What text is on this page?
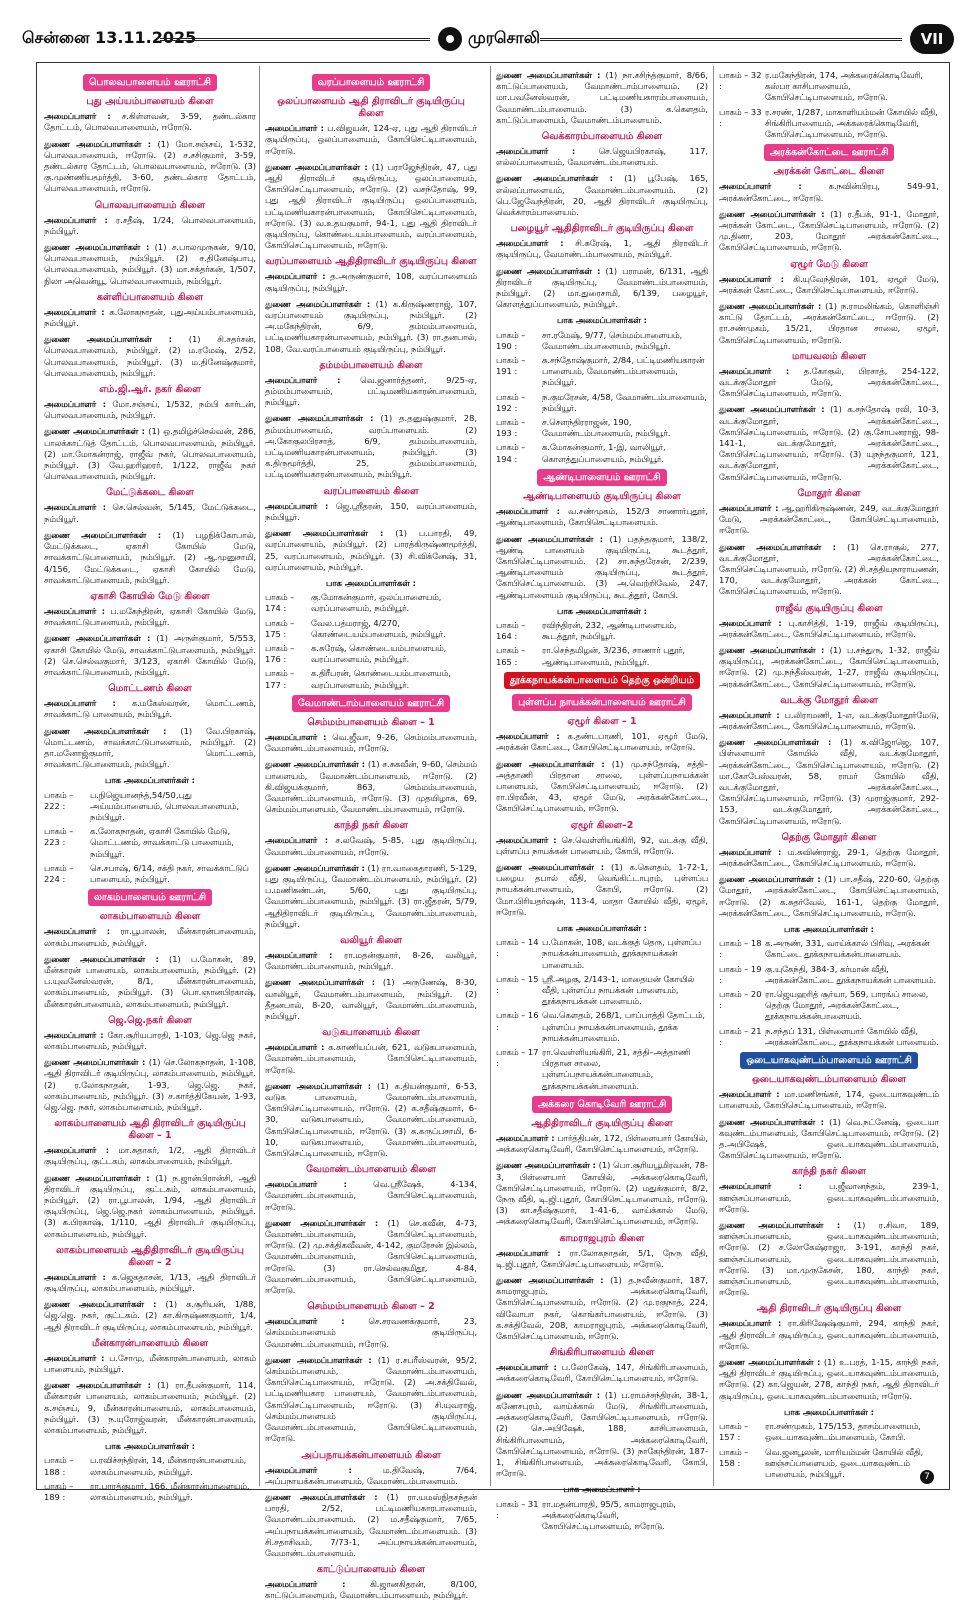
சென்னை 13.11.2025	முரசொலி	VII
பொலவபாளையம் ஊராட்சி
புது அய்யம்பாளையம் கிளை

அமைப்பாளர் : ச.கிள்ளவன், 3-59, தண்டல்கார தோட்டம், பொலவபாளையம், ஈரோடு.

துணை அமைப்பாளர்கள் : (1) மோ.சஞ்சய், 1-532, பொலவபாளையம், ஈரோடு. (2) ச.சசிகுமார், 3-59, தண்டல்கார தோட்டம், பொலவபாளையம், ஈரோடு. (3) கு.முண்ணியமூர்த்தி, 3-60, தண்டல்கார தோட்டம், பொலவபாளையம், ஈரோடு.

பொலவபாளையம் கிளை

அமைப்பாளர் : ர.சதீஷ், 1/24, பொலவபாளையம், நம்பியூர்.

துணை அமைப்பாளர்கள் : (1) ச.பாலமுருகன், 9/10, பொலவபாளையம், நம்பியூர். (2) ச.தினேஷ்பாபு, பொலவபாளையம், நம்பியூர். (3) மா.சக்தர்கன், 1/507, நிலா அவென்யூ, பொலவபாளையம், நம்பியூர்.

கள்ளிப்பாளையம் கிளை

அமைப்பாளர் : க.லோகநாதன், புதுஅய்யம்பாளையம், நம்பியூர்.

துணை அமைப்பாளர்கள் : (1) சி.சதர்சன், பொலவபாளையம், நம்பியூர். (2) ம.ரமேஷ், 2/52, பொலவபாளையம், நம்பியூர். (3) ம.தினேஷ்குமார், பொலவபாளையம், நம்பியூர்.

எம்.ஜி.ஆர். நகர் கிளை

அமைப்பாளர் : மோ.சஞ்சய், 1/532, நம்பி கார்டன், பொலவபாளையம், நம்பியூர்.

துணை அமைப்பாளர்கள் : (1) ஒ.தமிழ்ச்செல்வன், 286, பாலக்காட்டுத் தோட்டம், பொலவபாளையம், நம்பியூர். (2) மா.மோகன்ராஜ், ராஜீவ் நகர், பொலவபாளையம், நம்பியூர். (3) வே.ஹரிஹரர், 1/122, ராஜீவ் நகர் பொலவபாளையம், நம்பியூர்.

மேட்டுக்கடை கிளை

அமைப்பாளர் : செ.செல்வன், 5/145, மேட்டுக்கடை, நம்பியூர்.

துணை அமைப்பாளர்கள் : (1) பழநிக்கோபால், மேட்டுக்கடை, ஏகாசி கோயில் மேடு, சாவக்காட்டுபாளையம், நம்பியூர். (2) ஆ.முனுசாமி, 4/156, மேட்டுக்கடை, ஏகாசி கோயில் மேடு, சாவக்காட்டுபாளையம், நம்பியூர்.

ஏகாசி கோயில் மேடு கிளை

அமைப்பாளர் : ப.மகேந்திரன், ஏகாசி கோயில் மேடு, சாவக்காட்டுபாளையம், நம்பியூர்.

துணை அமைப்பாளர்கள் : (1) அருள்குமார், 5/553, ஏகாசி கோயில் மேடு, சாவக்காட்டுபாளையம், நம்பியூர். (2) செ.செல்வகுமார், 3/123, ஏகாசி கோயில் மேடு, சாவக்காட்டுபாளையம், நம்பியூர்.

மொட்டணம் கிளை

அமைப்பாளர் : க.மகேஸ்வரன், மொட்டணம், சாவக்காட்டு பாளையம், நம்பியூர்.

துணை அமைப்பாளர்கள் : (1) வே.பிரகாஷ், மொட்டணம், சாவக்காட்டுபாளையம், நம்பியூர். (2) தா.மனோஜ்குமார், மொட்டணம், சாவக்காட்டுபாளையம், நம்பியூர்.

பாக அமைப்பாளர்கள் :
பாகம் – 222 :
ப.நிஜெயானந்த்,54/50,புது அய்யம்பாளையம், பொலவபாளையம், நம்பியூர்.
பாகம் – 223 :
க.லோகநாதன், ஏகாசி கோயில் மேடு, மொட்டணம், சாவக்காட்டு பாளையம், நம்பியூர்.
பாகம் – 224 :
செ.சபாஷ், 6/14, சக்தி நகர், சாவக்காட்டுப் பாளையம், நம்பியூர்.
லாகம்பாளையம் ஊராட்சி
லாகம்பாளையம் கிளை

அமைப்பாளர் : ரா.பூபாலன், மீன்காரன்பாளையம், லாகம்பாளையம், நம்பியூர்.

துணை அமைப்பாளர்கள் : (1) ப.மோகன், 89, மீன்காரன் பாளையம், லாகம்பாளையம், நம்பியூர். (2) ப.யுவனேஸ்வரன், 8/1, மீன்காரன்பாளையம், லாகம்பாளையம், நம்பியூர். (3) பொ.ஞானபிரகாஷ், மீன்காரன்பாளையம், லாகம்பாளையம், நம்பியூர்.

ஜெ.ஜெ.நகர் கிளை

அமைப்பாளர் : கோ.சூரியபாரதி, 1-103, ஜெ.ஜெ நகர், லாகம்பாளையம், நம்பியூர்.

துணை அமைப்பாளர்கள் : (1) செ.லோகநாதன், 1-108, ஆதி திராவிடர் குடியிருப்பு, லாகம்பாளையம், நம்பியூர். (2) ர.லோகநாதன், 1-93, ஜெ.ஜெ. நகர், லாகம்பாளையம், நம்பியூர். (3) ச.கார்த்திகேயன், 1-93, ஜெ.ஜெ. நகர், லாகம்பாளையம், நம்பியூர்.

லாகம்பாளையம் ஆதி திராவிடர் குடியிருப்பு கிளை – 1

அமைப்பாளர் : மா.சுதாகர், 1/2, ஆதி திராவிடர் குடியிருப்பு, குட்டகம், லாகம்பாளையம், நம்பியூர்.

துணை அமைப்பாளர்கள் : (1) ந.ஜான்பிரான்சி, ஆதி திராவிடர் குடியிருப்பு, குட்டகம், லாகம்பாளையம், நம்பியூர். (2) ரா.பூபாலன், 1/94, ஆதி திராவிடர் குடியிருப்பு, ஜெ.ஜெ.நகர் லாகம்பாளையம், நம்பியூர். (3) க.பிரகாஷ், 1/110, ஆதி திராவிடர் குடியிருப்பு, லாகம்பாளையம், நம்பியூர்.

லாகம்பாளையம் ஆதிதிராவிடர் குடியிருப்பு கிளை – 2

அமைப்பாளர் : க.ஜெகதாசன், 1/13, ஆதி திராவிடர் குடியிருப்பு, லாகம்பாளையம், நம்பியூர்.

துணை அமைப்பாளர்கள் : (1) க.சூரியன், 1/88, ஜெ.ஜெ. நகர், குட்டகம். (2) கா.கிருஷ்ணகுமார், 1/4, ஆதி திராவிடர் குடியிருப்பு, லாகம்பாளையம், நம்பியூர்.

மீன்காரன்பாளையம் கிளை

அமைப்பாளர் : ப.சோமு, மீன்காரன்பாளையம், லாகம் பாளையம், நம்பியூர்.

துணை அமைப்பாளர்கள் : (1) ரா.தீபன்குமார், 114, மீன்காரன் பாளையம், லாகம்பாளையம், நம்பியூர். (2) க.சஞ்சய், 9, மீன்காரன்பாளையம், லாகம்பாளையம், நம்பியூர். (3) ந.யுரோஜ்வரன், மீன்காரன்பாளையம், லாகம்பாளையம், நம்பியூர்.

பாக அமைப்பாளர்கள் :
பாகம் – 188 :
ப.ரவிச்சந்திரன், 14, மீன்காரன்பாளையம், லாகம்பாளையம், நம்பியூர்.
பாகம் – 189 :
ரா.பாரத்குமார், 166, மீன்காரன்பாளையம், லாகம்பாளையம், நம்பியூர்.
வரப்பாளையம் ஊராட்சி
ஒலப்பாளையம் ஆதி திராவிடர் குடியிருப்பு கிளை

அமைப்பாளர் : ப.விஜயன், 124-ஏ, புது ஆதி திராவிடர் குடியிருப்பு, ஒலப்பாளையம், கோபிசெட்டிபாளையம், ஈரோடு.

துணை அமைப்பாளர்கள் : (1) பராஜேந்திரன், 47, புது ஆதி திராவிடர் குடியிருப்பு, ஒலப்பாளையம், கோபிசெட்டிபாளையம், ஈரோடு. (2) வசந்தோஷ், 99, புது ஆதி திராவிடர் குடியிருப்பு ஒலப்பாளையம், பட்டிமணியகாரன்பாளையம், கோபிசெட்டிபாளையம், ஈரோடு. (3) வ.உதயகுமார், 94-1, புது ஆதி திராவிடர் குடியிருப்பு, கொண்டையம்பாளையம், வரப்பாளையம், கோபிசெட்டிபாளையம், ஈரோடு.

வரப்பாளையம் ஆதிதிராவிடர் குடியிருப்பு கிளை

அமைப்பாளர் : த.அருண்குமார், 108, வரப்பாளையம் குடியிருப்பு, நம்பியூர்.

துணை அமைப்பாளர்கள் : (1) க.கிருஷ்ணராஜ், 107, வரப்பாளையம் குடியிருப்பு, நம்பியூர். (2) அ.மகேந்திரன், 6/9, தம்மம்பாளையம், பட்டிமணியகாரன்பாளையம், நம்பியூர். (3) ரா.தனபால், 108, வே.வரப்பாளையம் குடியிருப்பு, நம்பியூர்.

தம்மம்பாளையம் கிளை

அமைப்பாளர் : வெ.ஜனார்த்தனர், 9/25-ஏ, தம்மம்பாளையம், பட்டிமணியகாரன்பாளையம், நம்பியூர்.

துணை அமைப்பாளர்கள் : (1) த.தனுஷ்குமார், 28, தம்மம்பாளையம், வரப்பாளையம். (2) அ.கோகுலபிரசாத், 6/9, தம்மம்பாளையம், பட்டிமணியகாரன்பாளையம், நம்பியூர். (3) க.திருமூர்த்தி, 25, தம்மம்பாளையம், பட்டிமணியகாரன்பாளையம், நம்பியூர்.

வரப்பாளையம் கிளை

அமைப்பாளர் : ஜெ.ஸ்ரீதரன், 150, வரப்பாளையம், நம்பியூர்.

துணை அமைப்பாளர்கள் : (1) ப.பாரதி, 49, வரப்பாளையம், நம்பியூர். (2) பாரத்கிருஷ்ணமூர்த்தி, 25, வரப்பாளையம், நம்பியூர். (3) சி.விக்னேஷ், 31, வரப்பாளையம், நம்பியூர்.

பாக அமைப்பாளர்கள் :
பாகம் – 174 :
கு.மோகன்குமார், ஒலப்பாளையம், வரப்பாளையம், நம்பியூர்.
பாகம் – 175 :
வேல.பத்மராஜ், 4/270, கொண்டையம்பாளையம், நம்பியூர்.
பாகம் – 176 :
க.சுரேஷ், கொண்டையம்பாளையம், வரப்பாளையம், நம்பியூர்.
பாகம் – 177 :
க.திரீபரன், கொண்டையம்பாளையம், வரப்பாளையம், நம்பியூர்.
வேமாண்டாம்பாளையம் ஊராட்சி
செம்மம்பாளையம் கிளை – 1

அமைப்பாளர் : வெ.ஜீவா, 9-26, செம்மம்பாளையம், வேமாண்டம்பாளையம், ஈரோடு.

துணை அமைப்பாளர்கள் : (1) ச.சுகவீன், 9-60, செம்மம் பாளையம், வேமாண்டம்பாளையம், ஈரோடு. (2) கி.விஜயக்குமார், 863, செம்மம்பாளையம், வேமாண்டம்பாளையம், ஈரோடு. (3) முதயிழாக, 69, செம்மம்பாளையம், வேமாண்டம்பாளையம், ஈரோடு.

காந்தி நகர் கிளை

அமைப்பாளர் : ச.லவேஷ், 5-85, புது குடியிருப்பு, வேமாண்டம்பாளையம், ஈரோடு.

துணை அமைப்பாளர்கள் : (1) ரா.வாகைதாரணி, 5-129, புது குடியிருப்பு, வேமாண்டம்பாளையம், நம்பியூர். (2) ப.மணிகண்டன், 5/60, புது குடியிருப்பு, வேமாண்டம்பாளையம், நம்பியூர். (3) ரா.ஜீதரன், 5/79, ஆதிதிராவிடர் குடியிருப்பு, வேமாண்டம்பாளையம், நம்பியூர்.

வலியூர் கிளை

அமைப்பாளர் : ரா.மதன்குமார், 8-26, வலியூர், வேமாண்டம்பாளையம், நம்பியூர்.

துணை அமைப்பாளர்கள் : (1) அருணேஷ், 8-30, வாலியூர், வேமாண்டம்பாளையம், நம்பியூர். (2) தீதனபால், 8-20, வாலியூர், வேமாண்டம்பாளையம், நம்பியூர்.

வடுகபாளையம் கிளை

அமைப்பாளர் : க.காணியப்பன், 621, வடுகபாளையம், வேமாண்டம்பாளையம், கோபிசெட்டிபாளையம், ஈரோடு.

துணை அமைப்பாளர்கள் : (1) க.தியன்குமார், 6-53, வடுக பாளையம், வேமாண்டம்பாளையம், கோபிசெட்டிபாளையம், ஈரோடு. (2) க.சதீஷ்குமார், 6-30, வடுகபாளையம், வேமாண்டம்பாளையம், கோபிசெட்டிபாளையம், ஈரோடு. (3) க.கருப்பசாமி, 6-10, வடுகபாளையம், வேமாண்டம்பாளையம், கோபிசெட்டிபாளையம், ஈரோடு.

வேமாண்டம்பாளையம் கிளை

அமைப்பாளர் :	வெ.ஸ்ரீஷேக், 4-134, வேமாண்டம்பாளையம், கோபிசெட்டிபாளையம், ஈரோடு.

துணை அமைப்பாளர்கள் : (1) செ.கவீன், 4-73, வேமாண்டம்பாளையம், கோபிசெட்டிபாளையம், ஈரோடு. (2) மு.சக்திகவீவன், 4-142, குமரேசன் இல்லம், வேமாண்டம்பாளையம், கோபிசெட்டிபாளையம், ஈரோடு. (3) ரா.செல்வகுமிதூ, 4-84, வேமாண்டம்பாளையம், கோபிசெட்டிபாளையம், ஈரோடு.

செம்மம்பாளையம் கிளை – 2

அமைப்பாளர் :	செ.சரவணக்குமார், 23, செம்மம்பாளையம் குடியிருப்பு, வேமாண்டம்பாளையம், ஈரோடு.

துணை அமைப்பாளர்கள் : (1) ர.சபரீஸ்வரன், 95/2, செம்மம்பாளையம், வேமாண்டம்பாளையம், கோபிசெட்டிபாளையம், ஈரோடு. (2) அ.சக்திவேல், பட்டிமணியகார பாளையம், வேமாண்டம்பாளையம், கோபிசெட்டிபாளையம், ஈரோடு. (3) சி.யுவராஜ், செம்மம்பாளையம் குடியிருப்பு, வேமாண்டம்பாளையம், கோபிசெட்டிபாளையம், ஈரோடு.

அப்பநாயக்கன்பாளையம் கிளை

அமைப்பாளர் :	ம.திவேஷ், 7/64, அப்பநாயக்கன்பாளையம், வேமாண்டம்பாளையம்.

துணை அமைப்பாளர்கள் : (1) ரா.யமஸ்நிதசந்தன் பாரதி, 2/52, பட்டிமணியகாரபாளையம், வேமாண்டம்பாளையம். (2) ம.சதீஷ்குமார், 7/65, அப்பநாயக்கன்பாளையம், வேமாண்டம்பாளையம். (3) சி.சதாசிவம், 7/73-1, அப்பநாயக்கன்பாளையம், வேமாண்டம்பாளையம்.

காட்டுப்பாளையம் கிளை

அமைப்பாளர் :	கி.ஜானகிதரன், 8/100, காட்டுப்பாளையம், வேமாண்டம்பாளையம், நம்பியூர்.

துணை அமைப்பாளர்கள் : (1) நா.சசிந்த்குமார், 8/66, காட்டுப்பாளையம், வேமாண்டாம்பாளையம். (2) மா.பவனேஸ்வரன், பட்டிமணியகாரம்பாளையம், வேமாண்டம்பாளையம். (3) க.கௌதம், காட்டுப்பாளையம், வேமாண்டம்பாளையம்.

வெக்காரம்பாளையம் கிளை

அமைப்பாளர் :	செ.ஜெயபிரகாஷ், 117, எல்லப்பாளையம், வேமாண்டம்பாளையம்.

துணை அமைப்பாளர்கள் : (1) பூபேஷ், 165, எல்லப்பாளையம், வேமாண்டம்பாளையம். (2) பெ.ஜேவேந்திரன், 20, ஆதி திராவிடர் குடியிருப்பு, வெக்காரம்பாளையம்.

பழையூர் ஆதிதிராவிடர் குடியிருப்பு கிளை

அமைப்பாளர் : சி.சுரேஷ், 1, ஆதி திராவிடர் குடியிருப்பு, வேமாண்டம்பாளையம், நம்பியூர்.

துணை அமைப்பாளர்கள் : (1) பராமன், 6/131, ஆதி திராவிடர் குடியிருப்பு, வேமாண்டம்பாளையம், நம்பியூர். (2) மா.துரைசாமி, 6/139, பழையூர், கொளத்துப்பாளையம், நம்பியூர்.

பாக அமைப்பாளர்கள் :
பாகம் – 190 :
சா.ரமேஷ், 9/77, செம்மம்பாளையம், வேமாண்டம்பாளையம், நம்பியூர்.
பாகம் – 191 :
சு.சந்தோஷ்குமார், 2/84, பட்டிமணியகாரன் பாளையம், வேமாண்டம்பாளையம், நம்பியூர்.
பாகம் – 192 :
ந.குமரேசன், 4/58, வேமாண்டம்பாளையம், நம்பியூர்.
பாகம் – 193 :
ச.சௌந்திரராஜன், 190, வேமாண்டம்பாளையம், நம்பியூர்.
பாகம் – 194 :
க.மோகன்குமார், 1-இ, வாலியூர், கொளத்துப்பாளையம், நம்பியூர்.
ஆண்டிபாளையம் ஊராட்சி
ஆண்டிபாளையம் குடியிருப்பு கிளை

அமைப்பாளர் : வ.சண்முகம், 152/3 சாணார்புதூர், ஆண்டிபாளையம், கோபிசெட்டிபாளையம்.

துணை அமைப்பாளர்கள் : (1) பதந்தகுமார், 138/2, ஆண்டி பாளையம் குடியிருப்பு, கூடத்தூர், கோபிசெட்டிபாளையம். (2) சா.சுந்தரேசன், 2/239, ஆண்டிபாளையம் குடியிருப்பு, கூடத்தூர், கோபிசெட்டிபாளையம். (3) அ.வெற்றிவேல், 247, ஆண்டிபாளையம் குடியிருப்பு, கூடத்தூர், கோபி.

பாக அமைப்பாளர்கள் :
பாகம் – 164 :
ரவிந்திரன், 232, ஆண்டிபாளையம், கூடத்தூர், நம்பியூர்.
பாகம் – 165 :
ரா.செந்தமிழன், 3/236, சாணார் புதூர், ஆண்டிபாளையம், நம்பியூர்.
தூக்கநாயக்கன்பாளையம் தெற்கு ஒன்றியம்
புள்ளப்ப நாயக்கன்பாளையம் ஊராட்சி
ஏழூர் கிளை – 1

அமைப்பாளர் : க.தண்டபாணி, 101, ஏழூர் மேடு, அரக்கன் கோட்டை, கோபிசெட்டிபாளையம், ஈரோடு.

துணை அமைப்பாளர்கள் : (1) மு.சந்தோஷ், சத்தி–அத்தாணி பிரதான சாலை, புள்ளப்பநாயக்கன் பாளையம், கோபிசெட்டிபாளையம், ஈரோடு. (2) ரா.பிரவீன், 43, ஏழூர் மேடு, அரக்கன்கோட்டை, கோபிசெட்டிபாளையம், ஈரோடு.

ஏழூர் கிளை–2

அமைப்பாளர் : செ.வெள்ளியங்கிரி, 92, வடக்கு வீதி, புள்ளப்ப நாயக்கன் பாளையம், கோபி, ஈரோடு.

துணை அமைப்பாளர்கள் : (1) க.கௌதம், 1-72-1, பழைய தபால் வீதி, வெங்கிட்டாபுரம், புள்ளப்ப நாயக்கன்பாளையம், கோபி, ஈரோடு. (2) மோ.பிரியதர்ஷன், 113-4, மாதா கோயில் வீதி, ஏழூர், ஈரோடு.

பாக அமைப்பாளர்கள் :
பாகம் – 14 :
ப.மோகன், 108, வடக்குத் தெரு, புள்ளப்ப நாயக்கன்பாளையம், தூக்கநாயக்கன் பாளையம்.
பாகம் – 15 :
ஸ்ரீ.அழகு, 2/143-1, மாதையன் கோயில் வீதி, புள்ளப்ப நாயக்கன் பாளையம், தூக்கநாயக்கன் பாளையம்.
பாகம் – 16 :
வெ.கௌதம், 268/1, பாப்பாத்தி தோட்டம், புள்ளப்ப நாயக்கன்பாளையம், தூக்க நாயக்கன்பாளையம்.
பாகம் – 17 :
ரா.வெள்ளியங்கிரி, 21, சத்தி–அத்தாணி பிரதான சாலை, புள்ளப்பநாயக்கன்பாளையம், தூக்கநாயக்கன்பாளையம்.
அக்கரை கொடிவேரி ஊராட்சி
ஆதிதிராவிடர் குடியிருப்பு கிளை

அமைப்பாளர் : பார்த்திபன், 172, பிள்ளையார் கோயில், அக்கரைகொடிவேரி, கோபிசெட்டிபாளையம், ஈரோடு.

துணை அமைப்பாளர்கள் : (1) பொ.சூரியபூமிரவன், 78-3, பிள்ளையார் கோயில், அக்கரைகொடிவேரி, கோபிசெட்டிபாளையம், ஈரோடு. (2) மதுக்குமார், 8/2, நேரு வீதி, டி.ஜி.புதூர், கோபிசெட்டிபாளையம், ஈரோடு. (3) கா.சதீஷ்குமார், 1-41-6, வாய்க்கால் மேடு, அக்கரைகொடிவேரி, கோபிசெட்டிபாளையம், ஈரோடு.

காமராஜபுரம் கிளை

அமைப்பாளர் : ரா.லோகநாதன், 5/1, நேரு வீதி, டி.ஜி.புதூர், கோபிசெட்டிபாளையம், ஈரோடு.

துணை அமைப்பாளர்கள் : (1) த.நவீன்குமார், 187, காமராஜபுரம், அக்கரைகொடிவேரி, கோபிசெட்டிபாளையம், ஈரோடு. (2) மு.ரகுநாத், 224, விவோபா நகர், கொங்கர்பாளையம், ஈரோடு. (3) க.சக்திவேல், 208, காமராஜபுரம், அக்கரைகொடிவேரி, கோபிசெட்டிபாளையம், ஈரோடு.

சிங்கிரிபாளையம் கிளை

அமைப்பாளர் : ப.லோகேஷ், 147, சிங்கிரிபாளையம், அக்கரைகொடிவேரி, கோபிசெட்டிபாளையம், ஈரோடு.

துணை அமைப்பாளர்கள் : (1) ப.ராமச்சந்திரன், 38-1, கணேசபுரம், வாய்க்கால் மேடு, சிங்கிரிபாளையம், அக்கரைகொடிவேரி, கோபிசெட்டிபாளையம், ஈரோடு. (2) செ.அபிஷேக், 188, காசிபாளையம், சிங்கிரிபாளையம், அக்கரைகொடிவேரி, கோபிசெட்டிபாளையம், ஈரோடு. (3) நாகேந்திரன், 187-1, சிங்கிரிபாளையம், அக்கரைகொடிவேரி, கோபி, ஈரோடு.

பாக அமைப்பாளர் :
பாகம் – 31 :
ரா.மதன்பாரதி, 95/5, காமராஜபுரம், அக்கரைகொடிவேரி, கோபிசெட்டிபாளையம், ஈரோடு.
பாகம் – 32 :
ர.மகேந்திரன், 174, அக்கரைக்கொடிவேரி, கஸ்பா காசிபாளையம், கோபிசெட்டிபாளையம், ஈரோடு.
பாகம் – 33 :
ர.சரண், 1/287, மாகாளியம்மன் கோயில் வீதி, சிங்கிரிபாளையம், அக்கரைக்கொடிவேரி, கோபிசெட்டிபாளையம், ஈரோடு.
அரக்கன்கோட்டை ஊராட்சி
அரக்கன் கோட்டை கிளை

அமைப்பாளர் :	க.நவின்பிரபு, 549-91, அரக்கன்கோட்டை, ஈரோடு.

துணை அமைப்பாளர்கள் : (1) ர.தீபக், 91-1, மோதூர், அரக்கன் கோட்டை, கோபிசெட்டிபாளையம், ஈரோடு. (2) மு.தினா, 203, மோதூர் அரக்கன்கோட்டை, கோபிசெட்டிபாளையம், ஈரோடு.

ஏழூர் மேடு கிளை

அமைப்பாளர் : கி.யுவேந்திரன், 101, ஏழூர் மேடு, அரக்கன் கோட்டை, கோபிசெட்டிபாளையம், ஈரோடு.

துணை அமைப்பாளர்கள் : (1) ந.ராமலிங்கம், கொளிஞ்சி காட்டு தோட்டம், அரக்கன்கோட்டை, ஈரோடு. (2) ரா.சண்முகம், 15/21, பிரதான சாலை, ஏழூர், கோபிசெட்டிபாளையம், ஈரோடு.

மாயவலம் கிளை

அமைப்பாளர் : த.கோகுல், பிரசாத், 254-122, வடக்குமோதூர் மேடு, அரக்கன்கோட்டை, கோபிசெட்டிபாளையம், ஈரோடு.

துணை அமைப்பாளர்கள் : (1) க.சந்தோஷ் ரவி, 10-3, வடக்குமோதூர், அரக்கன்கோட்டை, கோபிசெட்டிபாளையம், ஈரோடு. (2) கு.சோபனராஜ், 98-141-1, வடக்குமோதூர், அரக்கன்கோட்டை, கோபிசெட்டிபாளையம், ஈரோடு. (3) யுநந்தகுமார், 121, வடக்குமோதூர், அரக்கன்கோட்டை, கோபிசெட்டிபாளையம், ஈரோடு.

மோதூர் கிளை

அமைப்பாளர் : ஆ.ஹரிகிருஷ்ணன், 249, வடக்குமோதூர் மேடு, அரக்கன்கோட்டை, கோபிசெட்டிபாளையம், ஈரோடு.

துணை அமைப்பாளர்கள் : (1) செ.ராகுல், 277, வடக்குமோதூர், அரக்கன்கோட்டை, கோபிசெட்டிபாளையம், ஈரோடு. (2) சி.சத்தியநாராயணன், 170, வடக்குமோதூர், அரக்கன் கோட்டை, கோபிசெட்டிபாளையம், ஈரோடு.

ராஜீவ் குடியிருப்பு கிளை

அமைப்பாளர் : பு.காசித்தி, 1-19, ராஜீவ் குடியிருப்பு, அரக்கன்கோட்டை, கோபிசெட்டிபாளையம், ஈரோடு.

துணை அமைப்பாளர்கள் : (1) ப.சந்துரு, 1-32, ராஜீவ் குடியிருப்பு, அரக்கன்கோட்டை, கோபிசெட்டிபாளையம், ஈரோடு. (2) மு.நந்தீஸ்வரன், 1-27, ராஜீவ் குடியிருப்பு, அரக்கன்கோட்டை, கோபிசெட்டிபாளையம், ஈரோடு.

வடக்கு மோதூர் கிளை

அமைப்பாளர் : ப.லிராமணி, 1-எ, வடக்குமோதூர்மேடு, அரக்கன்கோட்டை, கோபிசெட்டிபாளையம், ஈரோடு.

துணை அமைப்பாளர்கள் : (1) க.விஜோஜெ, 107, பிள்ளையார் கோயில் வீதி, வடக்குமோதூர், அரக்கன்கோட்டை, கோபிசெட்டிபாளையம், ஈரோடு. (2) மா.கோபேஸ்வரன், 58, ராமர் கோயில் வீதி, வடக்குமோதூர், அரக்கன்கோட்டை, கோபிசெட்டிபாளையம், ஈரோடு. (3) முராஜ்குமார், 292-153, வடக்குமோதூர், அரக்கன்கோட்டை, கோபிசெட்டிபாளையம், ஈரோடு.

தெற்கு மோதூர் கிளை

அமைப்பாளர் : ம.சுவிண்ராஜ், 29-1, தெற்கு மோதூர், அரக்கன்கோட்டை, கோபிசெட்டிபாளையம், ஈரோடு.

துணை அமைப்பாளர்கள் : (1) பா.சதீஷ், 220-60, தெற்கு மோதூர், அரக்கன்கோட்டை, கோபிசெட்டிபாளையம், ஈரோடு. (2) க.சுதர்வேல், 161-1, தெற்கு மோதூர், அரக்கன்கோட்டை, கோபிசெட்டிபாளையம், ஈரோடு.

பாக அமைப்பாளர்கள் :
பாகம் – 18 :
க.அருண், 331, வாய்க்கால் பிரிவு, அரக்கன் கோட்டை தூக்கநாயக்கன்பாளையம்.
பாகம் – 19 :
கு.யுகேந்தி, 384-3, கர்மான் வீதி, அரக்கன்கோட்டை தூக்கநாயக்கன் பாளையம்.
பாகம் – 20 :
ரா.ஜெயஹரித் சூர்யா, 569, பாரங்ப் சாலை, தெற்கு மோதூர், அரக்கன்கோட்டை, தூக்கநாயக்கன்பாளையம்.
பாகம் – 21 :
ந.சந்தப் 131, பிள்ளையார் கோயில் வீதி, அரக்கன்கோட்டை, தூக்கநாயக்கன் பாளையம்.
ஒடையாகவுண்டம்பாளையம் ஊராட்சி
ஒடையாகவுண்டம்பாளையம் கிளை

அமைப்பாளர் : மா.மணிசங்கர், 174, ஒடையாகவுண்டம் பாளையம், கோபிசெட்டிபாளையம், ஈரோடு.

துணை அமைப்பாளர்கள் : (1) வெ.நட்னேஷ், ஒடையா கவுண்டம்பாளையம், கோபிசெட்டிபாளையம், ஈரோடு. (2) த.அபிஷேக், ஒடையாகவுண்டம்பாளையம், கோபிசெட்டிபாளையம், ஈரோடு.

காந்தி நகர் கிளை

அமைப்பாளர் :	ப.ஜீவானந்தம், 239-1, ஊஞ்சப்பாளையம், ஒடையாகவுண்டம்பாளையம், ஈரோடு.

துணை அமைப்பாளர்கள் : (1) ர.சிவா, 189, ஊஞ்சப்பாளையம், ஒடையாகவுண்டம்பாளையம், ஈரோடு. (2) ச.லோகேஷ்ராஜா, 3-191, காந்தி நகர், ஊஞ்சப்பாளையம், ஒடையாகவுண்டம்பாளையம், ஈரோடு. (3) மா.முருகேசன், 180, காந்தி நகர், ஊஞ்சப்பாளையம், ஒடையாகவுண்டம்பாளையம், ஈரோடு.

ஆதி திராவிடர் குடியிருப்பு கிளை

அமைப்பாளர் : ரா.கிரிஷேஷ்குமார், 294, காந்தி நகர், ஆதி திராவிடர் குடியிருப்பு, ஒடையாகவுண்டம்பாளையம், ஈரோடு.

துணை அமைப்பாளர்கள் : (1) உ.பரத், 1-15, காந்தி நகர், ஆதி திராவிடர் குடியிருப்பு, ஒடையாகவுண்டம்பாளையம், ஈரோடு. (2) கா.ஜெயன், 278, காந்தி நகர், ஆதி திராவிடர் குடியிருப்பு, ஒடையாகவுண்டம்பாளையம், ஈரோடு.

பாக அமைப்பாளர்கள் :
பாகம் – 157 :
ரா.சண்முகம், 175/153, தாசம்பாளையம், ஒடையாகவுண்டம்பாளையம், கோபி.
பாகம் – 158 :
வெ.ஜனபூலன், மாரியம்மன் கோயில் வீதி, ஊஞ்சப்பாளையம், ஒடையாகவுண்டம் பாளையம், நம்பியூர்.	7
